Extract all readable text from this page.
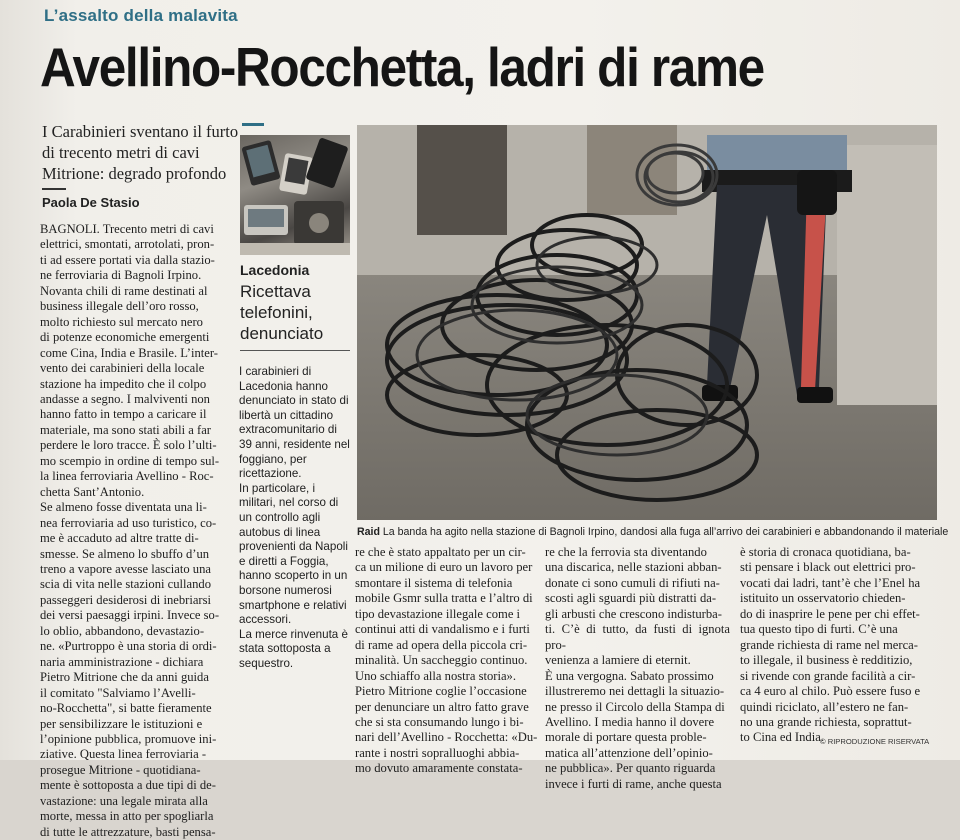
L’assalto della malavita
Avellino-Rocchetta, ladri di rame
I Carabinieri sventano il furto di trecento metri di cavi Mitrione: degrado profondo
Paola De Stasio
BAGNOLI. Trecento metri di cavi
elettrici, smontati, arrotolati, pron-
ti ad essere portati via dalla stazio-
ne ferroviaria di Bagnoli Irpino.
Novanta chili di rame destinati al
business illegale dell’oro rosso,
molto richiesto sul mercato nero
di potenze economiche emergenti
come Cina, India e Brasile. L’inter-
vento dei carabinieri della locale
stazione ha impedito che il colpo
andasse a segno. I malviventi non
hanno fatto in tempo a caricare il
materiale, ma sono stati abili a far
perdere le loro tracce. È solo l’ulti-
mo scempio in ordine di tempo sul-
la linea ferroviaria Avellino - Roc-
chetta Sant’Antonio.
Se almeno fosse diventata una li-
nea ferroviaria ad uso turistico, co-
me è accaduto ad altre tratte di-
smesse. Se almeno lo sbuffo d’un
treno a vapore avesse lasciato una
scia di vita nelle stazioni cullando
passeggeri desiderosi di inebriarsi
dei versi paesaggi irpini. Invece so-
lo oblio, abbandono, devastazio-
ne. «Purtroppo è una storia di ordi-
naria amministrazione - dichiara
Pietro Mitrione che da anni guida
il comitato "Salviamo l’Avelli-
no-Rocchetta", si batte fieramente
per sensibilizzare le istituzioni e
l’opinione pubblica, promuove ini-
ziative. Questa linea ferroviaria -
prosegue Mitrione - quotidiana-
mente è sottoposta a due tipi di de-
vastazione: una legale mirata alla
morte, messa in atto per spogliarla
di tutte le attrezzature, basti pensa-
Lacedonia
Ricettava telefonini, denunciato
I carabinieri di
Lacedonia hanno
denunciato in stato di
libertà un cittadino
extracomunitario di
39 anni, residente nel
foggiano, per
ricettazione.
In particolare, i
militari, nel corso di
un controllo agli
autobus di linea
provenienti da Napoli
e diretti a Foggia,
hanno scoperto in un
borsone numerosi
smartphone e relativi
accessori.
La merce rinvenuta è
stata sottoposta a
sequestro.
Raid La banda ha agito nella stazione di Bagnoli Irpino, dandosi alla fuga all’arrivo dei carabinieri e abbandonando il materiale
re che è stato appaltato per un cir-
ca un milione di euro un lavoro per
smontare il sistema di telefonia
mobile Gsmr sulla tratta e l’altro di
tipo devastazione illegale come i
continui atti di vandalismo e i furti
di rame ad opera della piccola cri-
minalità. Un saccheggio continuo.
Uno schiaffo alla nostra storia».
Pietro Mitrione coglie l’occasione
per denunciare un altro fatto grave
che si sta consumando lungo i bi-
nari dell’Avellino - Rocchetta: «Du-
rante i nostri sopralluoghi abbia-
mo dovuto amaramente constata-
re che la ferrovia sta diventando
una discarica, nelle stazioni abban-
donate ci sono cumuli di rifiuti na-
scosti agli sguardi più distratti da-
gli arbusti che crescono indisturba-
ti. C’è di tutto, da fusti di ignota pro-
venienza a lamiere di eternit.
È una vergogna. Sabato prossimo
illustreremo nei dettagli la situazio-
ne presso il Circolo della Stampa di
Avellino. I media hanno il dovere
morale di portare questa proble-
matica all’attenzione dell’opinio-
ne pubblica». Per quanto riguarda
invece i furti di rame, anche questa
è storia di cronaca quotidiana, ba-
sti pensare i black out elettrici pro-
vocati dai ladri, tant’è che l’Enel ha
istituito un osservatorio chieden-
do di inasprire le pene per chi effet-
tua questo tipo di furti. C’è una
grande richiesta di rame nel merca-
to illegale, il business è redditizio,
si rivende con grande facilità a cir-
ca 4 euro al chilo. Può essere fuso e
quindi riciclato, all’estero ne fan-
no una grande richiesta, soprattut-
to Cina ed India.
© RIPRODUZIONE RISERVATA
